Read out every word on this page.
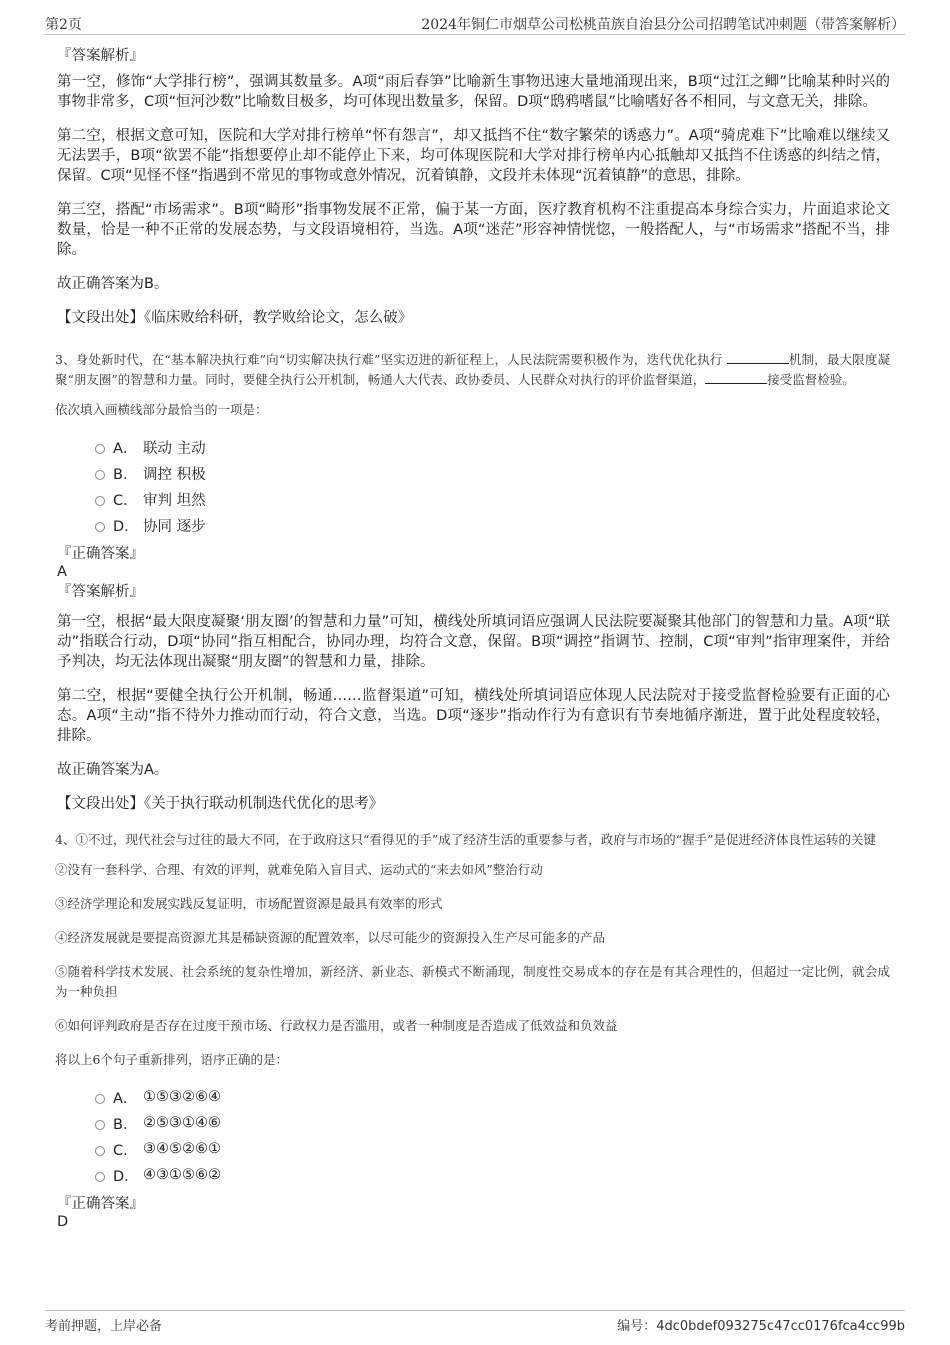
第2页	2024年铜仁市烟草公司松桃苗族自治县分公司招聘笔试冲刺题（带答案解析）
『答案解析』

第一空，修饰“大学排行榜”，强调其数量多。A项“雨后春笋”比喻新生事物迅速大量地涌现出来，B项“过江之鲫”比喻某种时兴的事物非常多，C项“恒河沙数”比喻数目极多，均可体现出数量多，保留。D项“鸱鸦嗜鼠”比喻嗜好各不相同，与文意无关，排除。

第二空，根据文意可知，医院和大学对排行榜单“怀有怨言”，却又抵挡不住“数字繁荣的诱惑力”。A项“骑虎难下”比喻难以继续又无法罢手，B项“欲罢不能”指想要停止却不能停止下来，均可体现医院和大学对排行榜单内心抵触却又抵挡不住诱惑的纠结之情，保留。C项“见怪不怪”指遇到不常见的事物或意外情况，沉着镇静，文段并未体现“沉着镇静”的意思，排除。

第三空，搭配“市场需求”。B项“畸形”指事物发展不正常，偏于某一方面，医疗教育机构不注重提高本身综合实力，片面追求论文数量，恰是一种不正常的发展态势，与文段语境相符，当选。A项“迷茫”形容神情恍惚，一般搭配人，与“市场需求”搭配不当，排除。

故正确答案为B。

【文段出处】《临床败给科研，教学败给论文，怎么破》

3、身处新时代，在“基本解决执行难”向“切实解决执行难”坚实迈进的新征程上，人民法院需要积极作为，迭代优化执行	机制，最大限度凝聚“朋友圈”的智慧和力量。同时，要健全执行公开机制，畅通人大代表、政协委员、人民群众对执行的评价监督渠道，	接受监督检验。

依次填入画横线部分最恰当的一项是：

A． 联动 主动
B． 调控 积极
C． 审判 坦然
D． 协同 逐步
『正确答案』
A
『答案解析』

第一空，根据“最大限度凝聚‘朋友圈’的智慧和力量”可知，横线处所填词语应强调人民法院要凝聚其他部门的智慧和力量。A项“联动”指联合行动，D项“协同”指互相配合，协同办理，均符合文意，保留。B项“调控”指调节、控制，C项“审判”指审理案件，并给予判决，均无法体现出凝聚“朋友圈”的智慧和力量，排除。

第二空，根据“要健全执行公开机制，畅通……监督渠道”可知，横线处所填词语应体现人民法院对于接受监督检验要有正面的心态。A项“主动”指不待外力推动而行动，符合文意，当选。D项“逐步”指动作行为有意识有节奏地循序渐进，置于此处程度较轻，排除。

故正确答案为A。

【文段出处】《关于执行联动机制迭代优化的思考》

4、①不过，现代社会与过往的最大不同，在于政府这只“看得见的手”成了经济生活的重要参与者，政府与市场的“握手”是促进经济体良性运转的关键

②没有一套科学、合理、有效的评判，就难免陷入盲目式、运动式的“来去如风”整治行动

③经济学理论和发展实践反复证明，市场配置资源是最具有效率的形式

④经济发展就是要提高资源尤其是稀缺资源的配置效率，以尽可能少的资源投入生产尽可能多的产品

⑤随着科学技术发展、社会系统的复杂性增加，新经济、新业态、新模式不断涌现，制度性交易成本的存在是有其合理性的，但超过一定比例，就会成为一种负担

⑥如何评判政府是否存在过度干预市场、行政权力是否滥用，或者一种制度是否造成了低效益和负效益

将以上6个句子重新排列，语序正确的是：

A． ①⑤③②⑥④
B． ②⑤③①④⑥
C． ③④⑤②⑥①
D． ④③①⑤⑥②
『正确答案』
D
考前押题，上岸必备	编号：4dc0bdef093275c47cc0176fca4cc99b
